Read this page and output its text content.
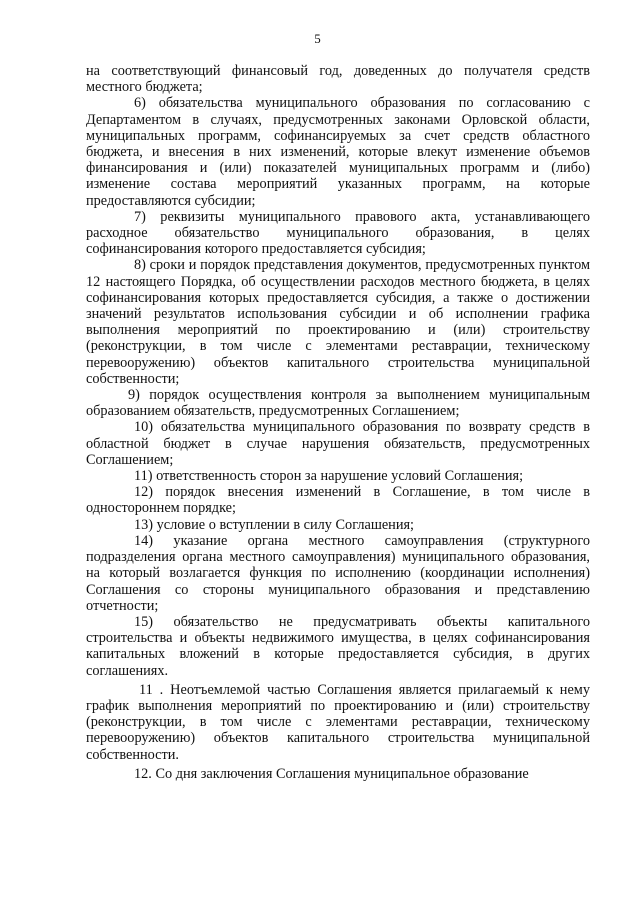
5

на соответствующий финансовый год, доведенных до получателя средств местного бюджета;

6) обязательства муниципального образования по согласованию с Департаментом в случаях, предусмотренных законами Орловской области, муниципальных программ, софинансируемых за счет средств областного бюджета, и внесения в них изменений, которые влекут изменение объемов финансирования и (или) показателей муниципальных программ и (либо) изменение состава мероприятий указанных программ, на которые предоставляются субсидии;

7) реквизиты муниципального правового акта, устанавливающего расходное обязательство муниципального образования, в целях софинансирования которого предоставляется субсидия;

8) сроки и порядок представления документов, предусмотренных пунктом 12 настоящего Порядка, об осуществлении расходов местного бюджета, в целях софинансирования которых предоставляется субсидия, а также о достижении значений результатов использования субсидии и об исполнении графика выполнения мероприятий по проектированию и (или) строительству (реконструкции, в том числе с элементами реставрации, техническому перевооружению) объектов капитального строительства муниципальной собственности;

9) порядок осуществления контроля за выполнением муниципальным образованием обязательств, предусмотренных Соглашением;

10) обязательства муниципального образования по возврату средств в областной бюджет в случае нарушения обязательств, предусмотренных Соглашением;

11) ответственность сторон за нарушение условий Соглашения;

12) порядок внесения изменений в Соглашение, в том числе в одностороннем порядке;

13) условие о вступлении в силу Соглашения;

14) указание органа местного самоуправления (структурного подразделения органа местного самоуправления) муниципального образования, на который возлагается функция по исполнению (координации исполнения) Соглашения со стороны муниципального образования и представлению отчетности;

15) обязательство не предусматривать объекты капитального строительства и объекты недвижимого имущества, в целях софинансирования капитальных вложений в которые предоставляется субсидия, в других соглашениях.

11 . Неотъемлемой частью Соглашения является прилагаемый к нему график выполнения мероприятий по проектированию и (или) строительству (реконструкции, в том числе с элементами реставрации, техническому перевооружению) объектов капитального строительства муниципальной собственности.

12. Со дня заключения Соглашения муниципальное образование
